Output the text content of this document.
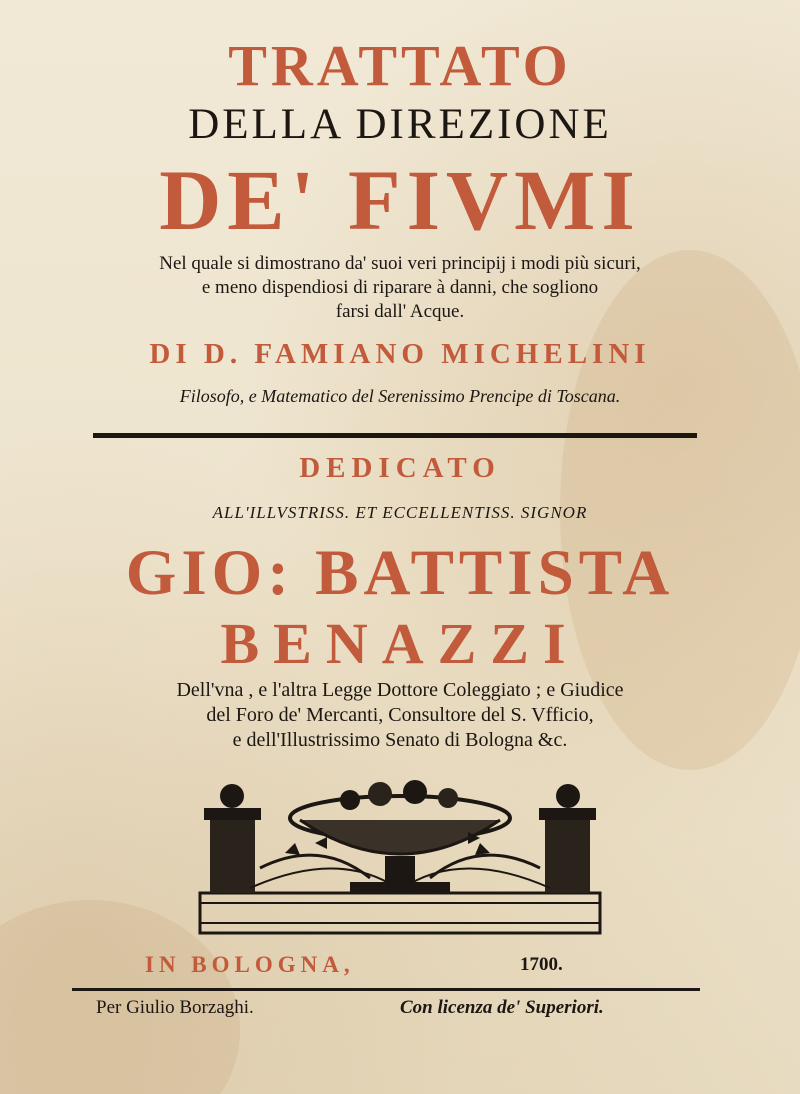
TRATTATO
DELLA DIREZIONE
DE' FIVMI
Nel quale si dimostrano da' suoi veri principij i modi più sicuri,
e meno dispendiosi di riparare à danni, che sogliono
farsi dall' Acque.
DI D. FAMIANO MICHELINI
Filosofo, e Matematico del Serenissimo Prencipe di Toscana.
DEDICATO
ALL'ILLVSTRISS. ET ECCELLENTISS. SIGNOR
GIO: BATTISTA
BENAZZI
Dell'vna , e l'altra Legge Dottore Coleggiato ; e Giudice
del Foro de' Mercanti, Consultore del S. Vfficio,
e dell'Illustrissimo Senato di Bologna &c.
IN BOLOGNA,	1700.
Per Giulio Borzaghi.	Con licenza de' Superiori.
